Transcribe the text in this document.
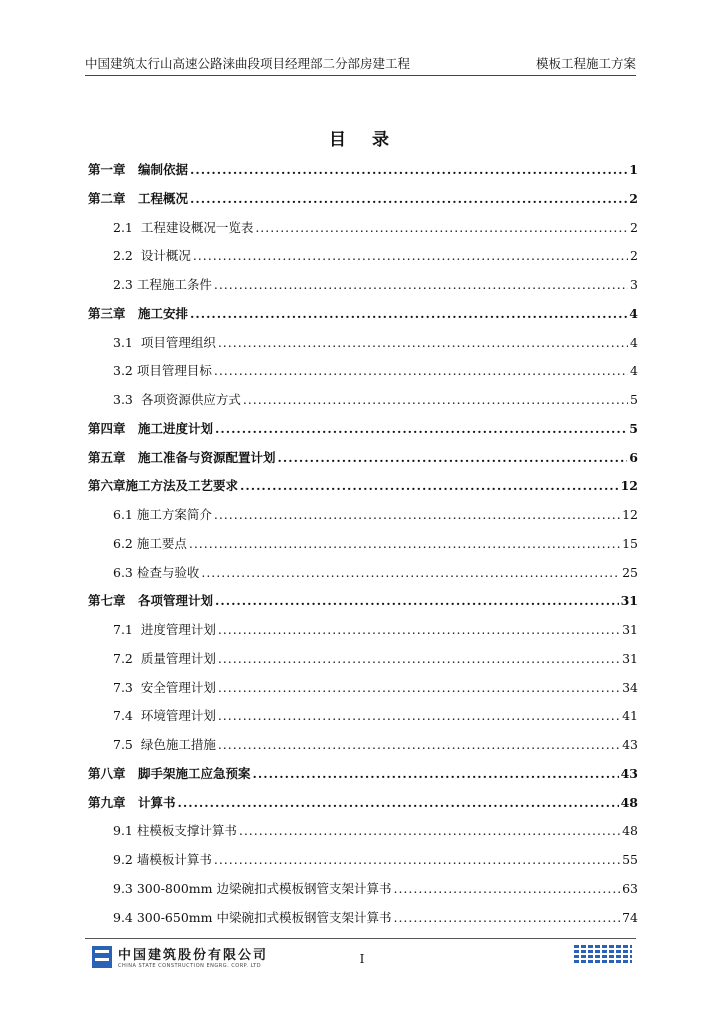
中国建筑太行山高速公路涞曲段项目经理部二分部房建工程	模板工程施工方案
目录
第一章　编制依据 .....	1
第二章　工程概况 .....	2
2.1  工程建设概况一览表 .....	2
2.2  设计概况 .....	2
2.3 工程施工条件 .....	3
第三章　施工安排 .....	4
3.1  项目管理组织 .....	4
3.2 项目管理目标 .....	4
3.3  各项资源供应方式 .....	5
第四章　施工进度计划 .....	5
第五章　施工准备与资源配置计划 .....	6
第六章施工方法及工艺要求 .....	12
6.1 施工方案简介 .....	12
6.2 施工要点 .....	15
6.3 检查与验收 .....	25
第七章　各项管理计划 .....	31
7.1  进度管理计划 .....	31
7.2  质量管理计划 .....	31
7.3  安全管理计划 .....	34
7.4  环境管理计划 .....	41
7.5  绿色施工措施 .....	43
第八章　脚手架施工应急预案 .....	43
第九章　计算书 .....	48
9.1 柱模板支撑计算书 .....	48
9.2 墙模板计算书 .....	55
9.3 300-800mm 边梁碗扣式模板钢管支架计算书 .....	63
9.4 300-650mm 中梁碗扣式模板钢管支架计算书 .....	74
中国建筑股份有限公司
CHINA STATE CONSTRUCTION ENGRG. CORP. LTD	I
